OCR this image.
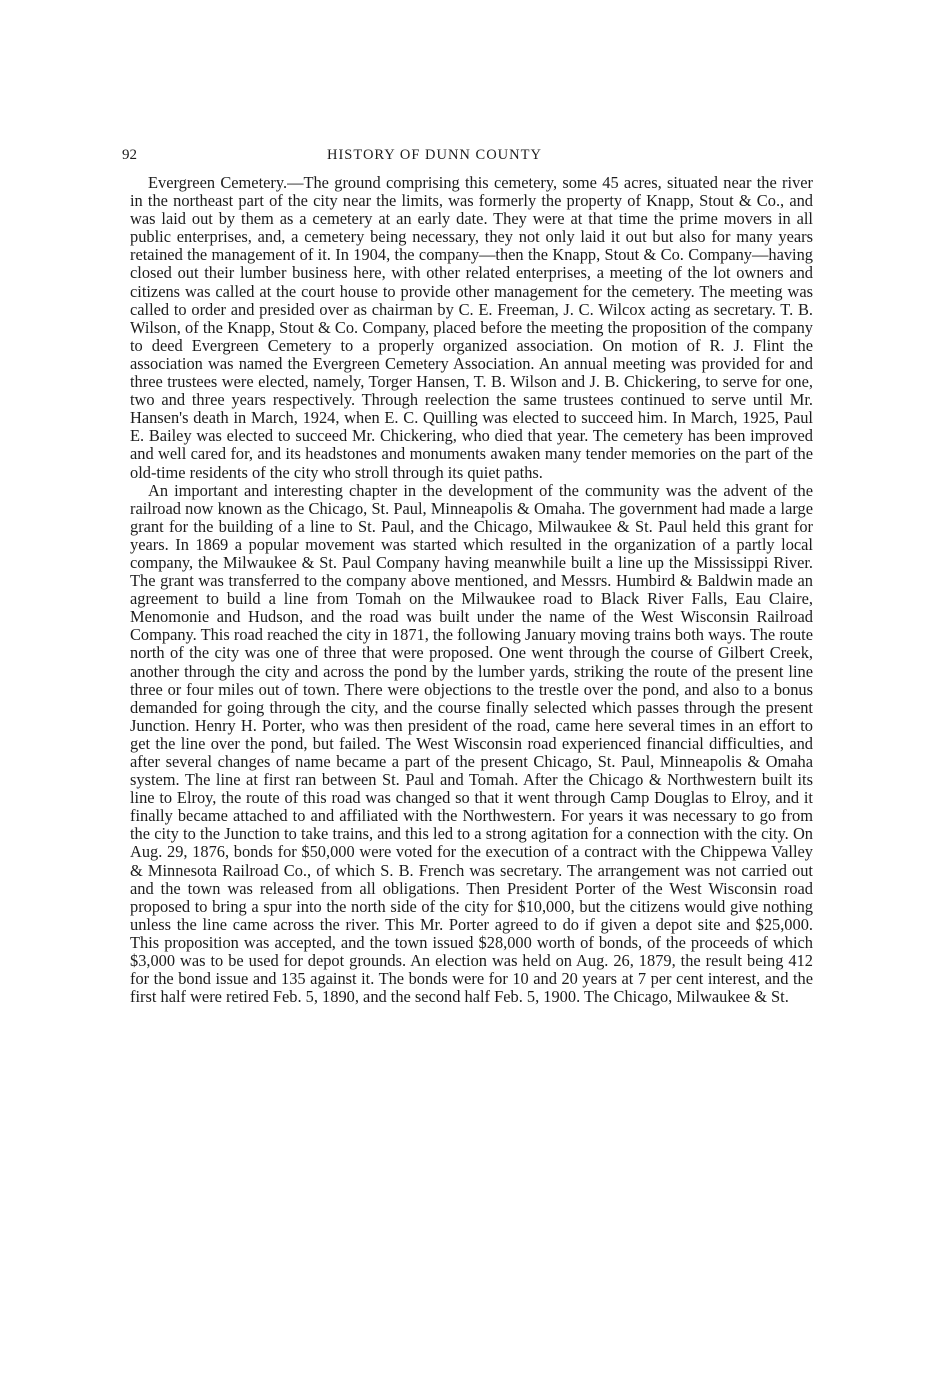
92	HISTORY OF DUNN COUNTY

Evergreen Cemetery.—The ground comprising this cemetery, some 45 acres, situated near the river in the northeast part of the city near the limits, was formerly the property of Knapp, Stout & Co., and was laid out by them as a cemetery at an early date. They were at that time the prime movers in all public enterprises, and, a cemetery being necessary, they not only laid it out but also for many years retained the management of it. In 1904, the company—then the Knapp, Stout & Co. Company—having closed out their lumber business here, with other related enterprises, a meeting of the lot owners and citizens was called at the court house to provide other management for the cemetery. The meeting was called to order and presided over as chairman by C. E. Freeman, J. C. Wilcox acting as secretary. T. B. Wilson, of the Knapp, Stout & Co. Company, placed before the meeting the proposition of the company to deed Evergreen Cemetery to a properly organized association. On motion of R. J. Flint the association was named the Evergreen Cemetery Association. An annual meeting was provided for and three trustees were elected, namely, Torger Hansen, T. B. Wilson and J. B. Chickering, to serve for one, two and three years respectively. Through reelection the same trustees continued to serve until Mr. Hansen's death in March, 1924, when E. C. Quilling was elected to succeed him. In March, 1925, Paul E. Bailey was elected to succeed Mr. Chickering, who died that year. The cemetery has been improved and well cared for, and its headstones and monuments awaken many tender memories on the part of the old-time residents of the city who stroll through its quiet paths.

An important and interesting chapter in the development of the community was the advent of the railroad now known as the Chicago, St. Paul, Minneapolis & Omaha. The government had made a large grant for the building of a line to St. Paul, and the Chicago, Milwaukee & St. Paul held this grant for years. In 1869 a popular movement was started which resulted in the organization of a partly local company, the Milwaukee & St. Paul Company having meanwhile built a line up the Mississippi River. The grant was transferred to the company above mentioned, and Messrs. Humbird & Baldwin made an agreement to build a line from Tomah on the Milwaukee road to Black River Falls, Eau Claire, Menomonie and Hudson, and the road was built under the name of the West Wisconsin Railroad Company. This road reached the city in 1871, the following January moving trains both ways. The route north of the city was one of three that were proposed. One went through the course of Gilbert Creek, another through the city and across the pond by the lumber yards, striking the route of the present line three or four miles out of town. There were objections to the trestle over the pond, and also to a bonus demanded for going through the city, and the course finally selected which passes through the present Junction. Henry H. Porter, who was then president of the road, came here several times in an effort to get the line over the pond, but failed. The West Wisconsin road experienced financial difficulties, and after several changes of name became a part of the present Chicago, St. Paul, Minneapolis & Omaha system. The line at first ran between St. Paul and Tomah. After the Chicago & Northwestern built its line to Elroy, the route of this road was changed so that it went through Camp Douglas to Elroy, and it finally became attached to and affiliated with the Northwestern. For years it was necessary to go from the city to the Junction to take trains, and this led to a strong agitation for a connection with the city. On Aug. 29, 1876, bonds for $50,000 were voted for the execution of a contract with the Chippewa Valley & Minnesota Railroad Co., of which S. B. French was secretary. The arrangement was not carried out and the town was released from all obligations. Then President Porter of the West Wisconsin road proposed to bring a spur into the north side of the city for $10,000, but the citizens would give nothing unless the line came across the river. This Mr. Porter agreed to do if given a depot site and $25,000. This proposition was accepted, and the town issued $28,000 worth of bonds, of the proceeds of which $3,000 was to be used for depot grounds. An election was held on Aug. 26, 1879, the result being 412 for the bond issue and 135 against it. The bonds were for 10 and 20 years at 7 per cent interest, and the first half were retired Feb. 5, 1890, and the second half Feb. 5, 1900. The Chicago, Milwaukee & St.
